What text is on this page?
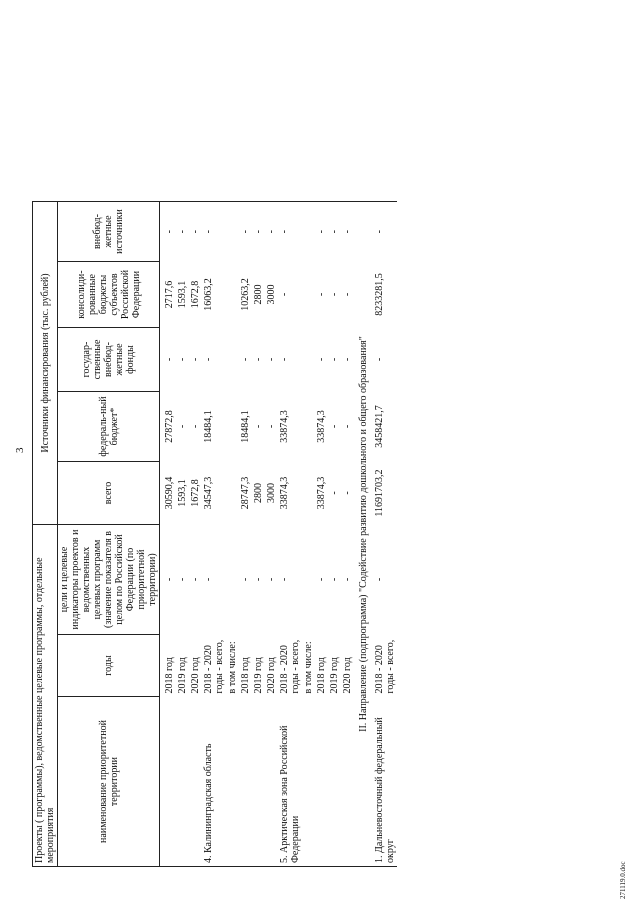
3
Проекты ( программы), ведомственные целевые программы, отдельные мероприятия			Источники финансирования (тыс. рублей)				
наименование приоритетной территории	годы	цели и целевые индикаторы проектов и ведомственных целевых программ (значение показателя в целом по Российской Федерации (по приоритетной территории)	всего	федераль-ный бюджет*	государ-ственные внебюд-жетные фонды	консолиди-рованные бюджеты субъектов Российской Федерации	внебюд-жетные источники

	2018 год	-	30590,4	27872,8	-	2717,6	-
	2019 год	-	1593,1	-	-	1593,1	-
	2020 год	-	1672,8	-	-	1672,8	-
4. Калининградская область	2018 - 2020 годы - всего,	-	34547,3	18484,1	-	16063,2	-
	в том числе:						
	2018 год	-	28747,3	18484,1	-	10263,2	-
	2019 год	-	2800	-	-	2800	-
	2020 год	-	3000	-	-	3000	-
5. Арктическая зона Российской Федерации	2018 - 2020 годы - всего,	-	33874,3	33874,3	-	-	-
	в том числе:						
	2018 год	-	33874,3	33874,3	-	-	-
	2019 год	-	-	-	-	-	-
	2020 год	-	-	-	-	-	-
II. Направление (подпрограмма) "Содействие развитию дошкольного и общего образования"							
1. Дальневосточный федеральный округ	2018 - 2020 годы - всего,	-	11691703,2	3458421,7	-	8233281,5	-
271119.0.doc
